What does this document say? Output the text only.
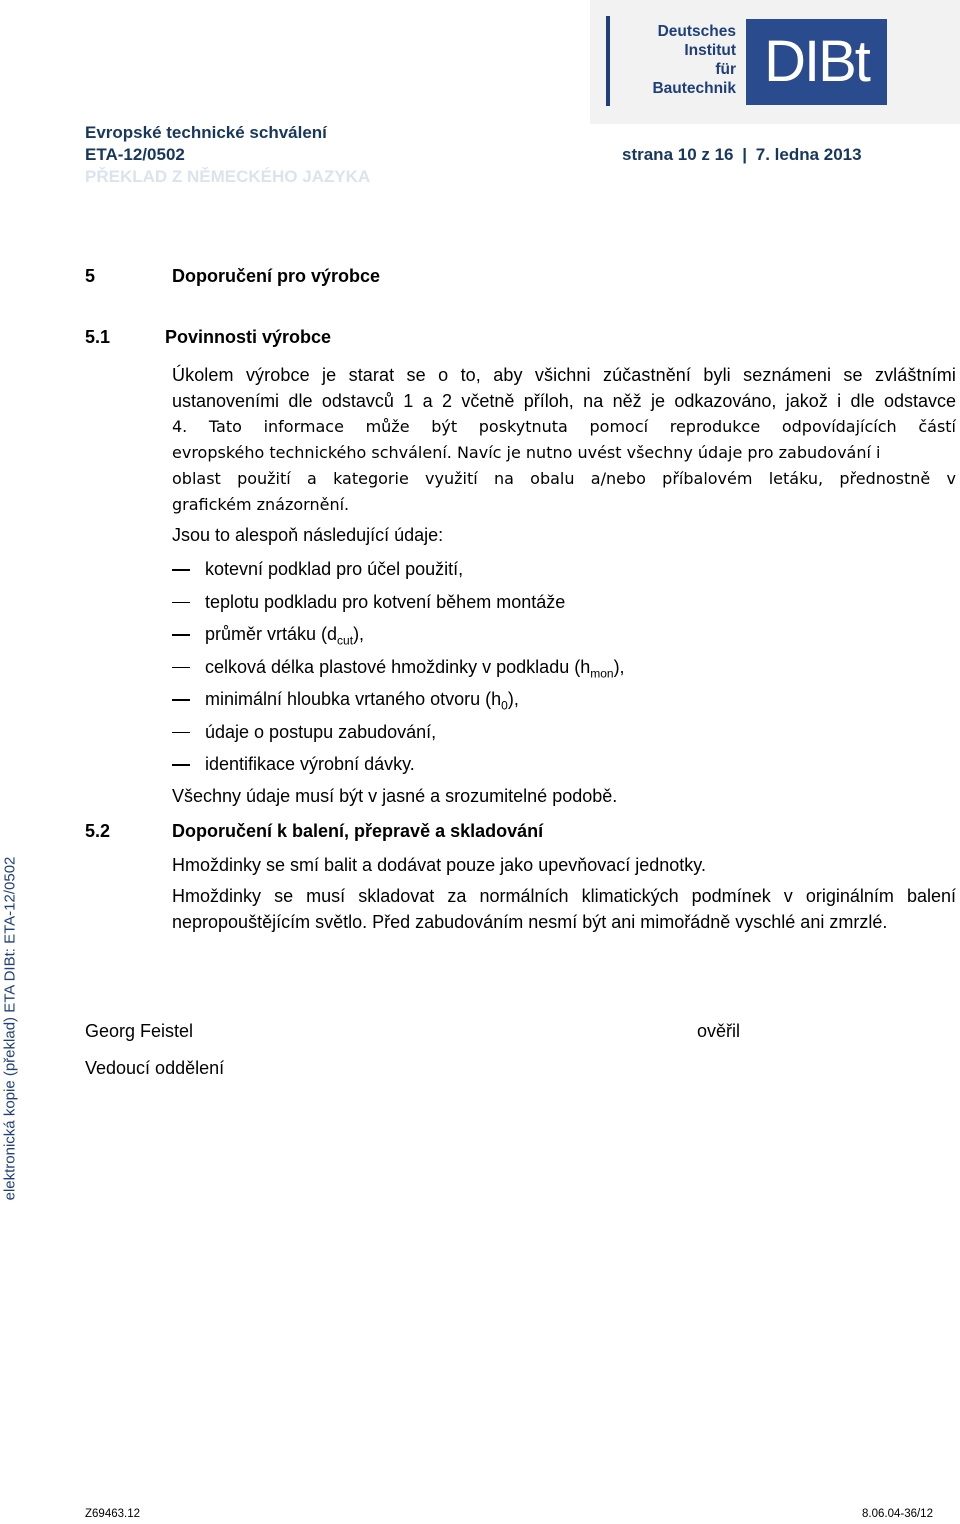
Deutsches
Institut
für
Bautechnik DIBt
Evropské technické schválení
ETA-12/0502	strana 10 z 16 | 7. ledna 2013
PŘEKLAD Z NĚMECKÉHO JAZYKA
5	Doporučení pro výrobce
5.1	Povinnosti výrobce
Úkolem výrobce je starat se o to, aby všichni zúčastnění byli seznámeni se zvláštními
ustanoveními dle odstavců 1 a 2 včetně příloh, na něž je odkazováno, jakož i dle odstavce
4. Tato informace může být poskytnuta pomocí reprodukce odpovídajících částí
evropského technického schválení. Navíc je nutno uvést všechny údaje pro zabudování i
oblast použití a kategorie využití na obalu a/nebo příbalovém letáku, přednostně v
grafickém znázornění.
Jsou to alespoň následující údaje:
kotevní podklad pro účel použití,
teplotu podkladu pro kotvení během montáže
průměr vrtáku $(d_{cut})$,
celková délka plastové hmoždinky v podkladu $(h_{mon})$,
minimální hloubka vrtaného otvoru $(h_0)$,
údaje o postupu zabudování,
identifikace výrobní dávky.
Všechny údaje musí být v jasné a srozumitelné podobě.
5.2	Doporučení k balení, přepravě a skladování
Hmoždinky se smí balit a dodávat pouze jako upevňovací jednotky.
Hmoždinky se musí skladovat za normálních klimatických podmínek v originálním balení
nepropouštějícím světlo. Před zabudováním nesmí být ani mimořádně vyschlé ani zmrzlé.
Georg Feistel
Vedoucí oddělení
ověřil
elektronická kopie (překlad) ETA DIBt: ETA-12/0502
Z69463.12	8.06.04-36/12
